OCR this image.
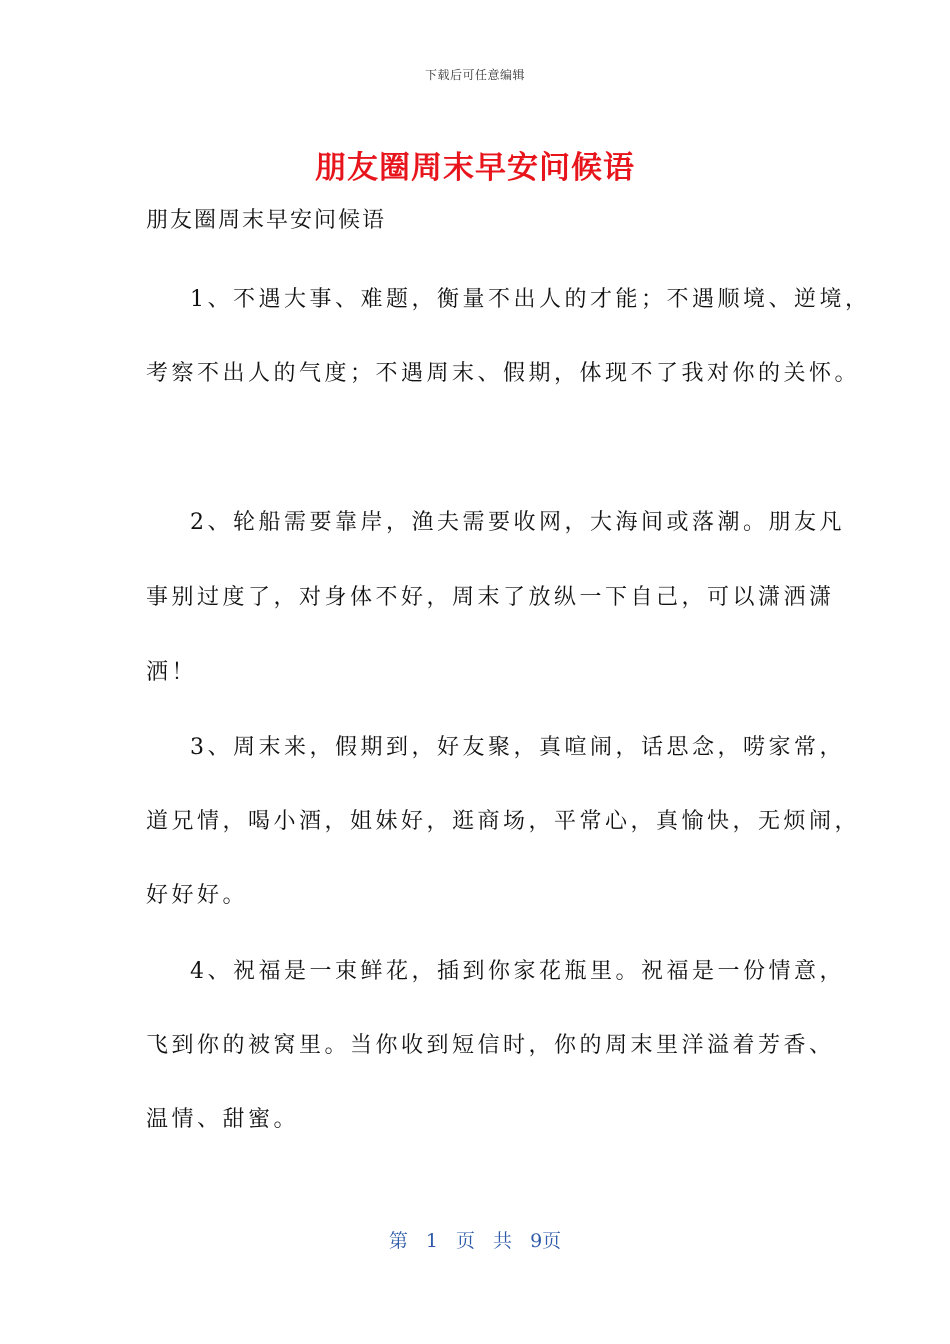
下载后可任意编辑
朋友圈周末早安问候语
朋友圈周末早安问候语
1、不遇大事、难题，衡量不出人的才能；不遇顺境、逆境，
考察不出人的气度；不遇周末、假期，体现不了我对你的关怀。
2、轮船需要靠岸，渔夫需要收网，大海间或落潮。朋友凡
事别过度了，对身体不好，周末了放纵一下自己，可以潇洒潇
洒！
3、周末来，假期到，好友聚，真喧闹，话思念，唠家常，
道兄情，喝小酒，姐妹好，逛商场，平常心，真愉快，无烦闹，
好好好。
4、祝福是一束鲜花，插到你家花瓶里。祝福是一份情意，
飞到你的被窝里。当你收到短信时，你的周末里洋溢着芳香、
温情、甜蜜。
第 1 页 共 9页
